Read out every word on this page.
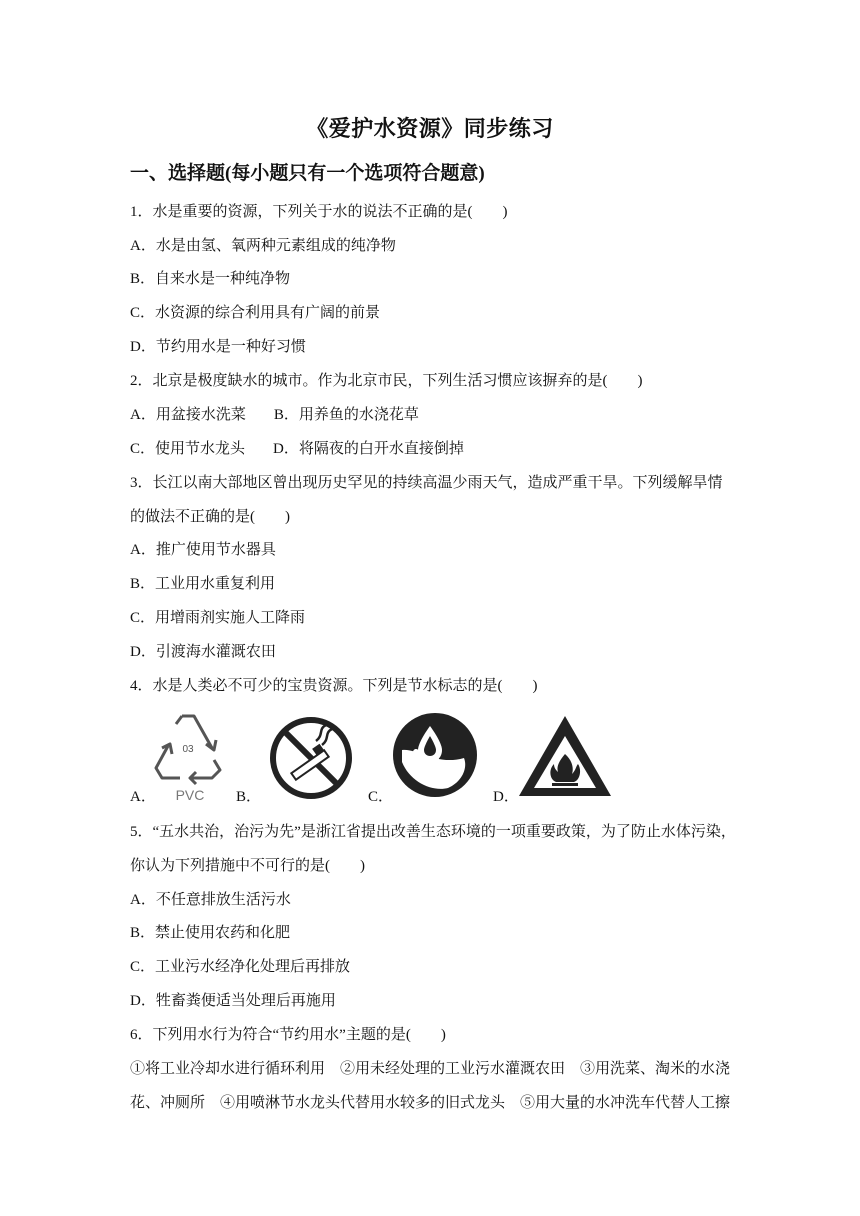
《爱护水资源》同步练习
一、选择题(每小题只有一个选项符合题意)
1．水是重要的资源，下列关于水的说法不正确的是(　　)
A．水是由氢、氧两种元素组成的纯净物
B．自来水是一种纯净物
C．水资源的综合利用具有广阔的前景
D．节约用水是一种好习惯
2．北京是极度缺水的城市。作为北京市民，下列生活习惯应该摒弃的是(　　)
A．用盆接水洗菜 B．用养鱼的水浇花草
C．使用节水龙头 D．将隔夜的白开水直接倒掉
3．长江以南大部地区曾出现历史罕见的持续高温少雨天气，造成严重干旱。下列缓解旱情
的做法不正确的是(　　)
A．推广使用节水器具
B．工业用水重复利用
C．用增雨剂实施人工降雨
D．引渡海水灌溉农田
4．水是人类必不可少的宝贵资源。下列是节水标志的是(　　)
A．
03
PVC B．	C．	D．
5．“五水共治，治污为先”是浙江省提出改善生态环境的一项重要政策，为了防止水体污染，
你认为下列措施中不可行的是(　　)
A．不任意排放生活污水
B．禁止使用农药和化肥
C．工业污水经净化处理后再排放
D．牲畜粪便适当处理后再施用
6．下列用水行为符合“节约用水”主题的是(　　)
①将工业冷却水进行循环利用　②用未经处理的工业污水灌溉农田　③用洗菜、淘米的水浇
花、冲厕所　④用喷淋节水龙头代替用水较多的旧式龙头　⑤用大量的水冲洗车代替人工擦
